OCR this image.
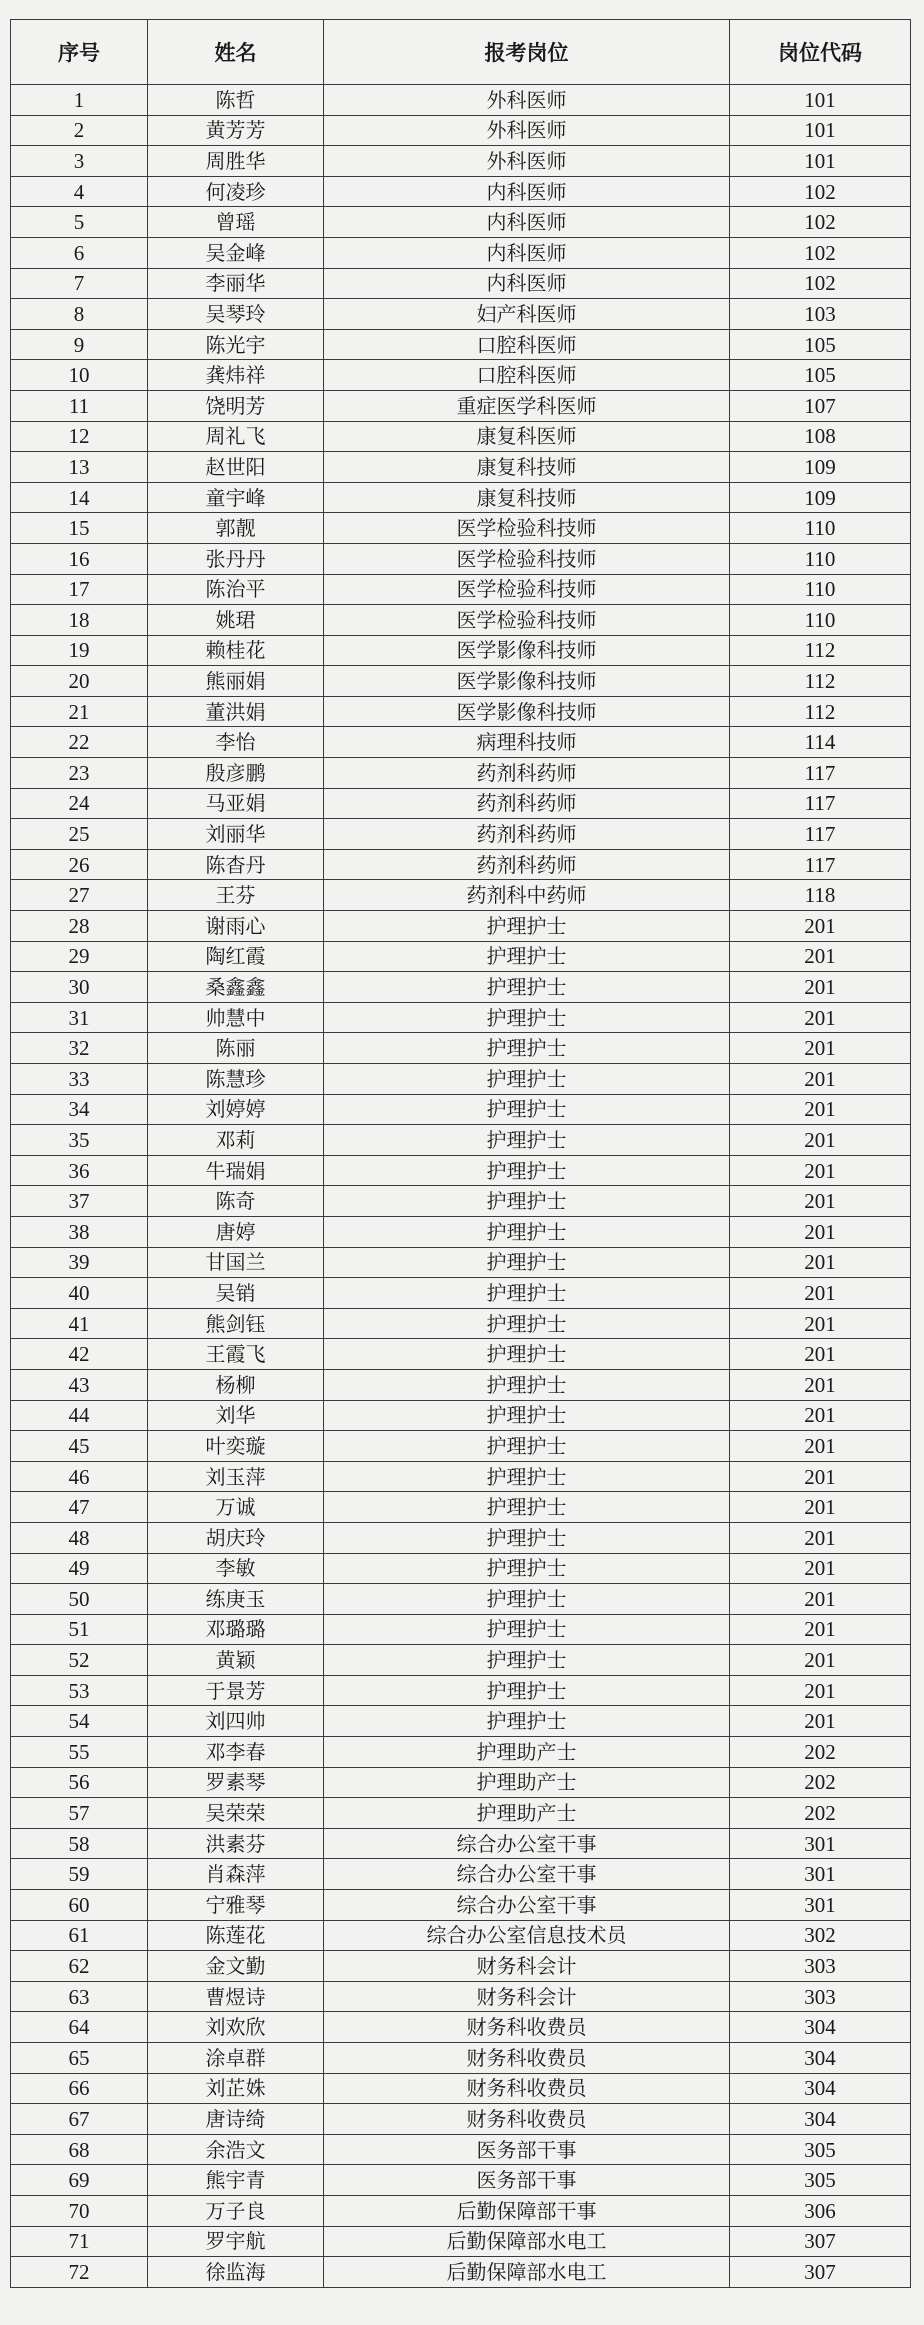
序号	姓名	报考岗位	岗位代码
1	陈哲	外科医师	101
2	黄芳芳	外科医师	101
3	周胜华	外科医师	101
4	何凌珍	内科医师	102
5	曾瑶	内科医师	102
6	吴金峰	内科医师	102
7	李丽华	内科医师	102
8	吴琴玲	妇产科医师	103
9	陈光宇	口腔科医师	105
10	龚炜祥	口腔科医师	105
11	饶明芳	重症医学科医师	107
12	周礼飞	康复科医师	108
13	赵世阳	康复科技师	109
14	童宇峰	康复科技师	109
15	郭靓	医学检验科技师	110
16	张丹丹	医学检验科技师	110
17	陈治平	医学检验科技师	110
18	姚珺	医学检验科技师	110
19	赖桂花	医学影像科技师	112
20	熊丽娟	医学影像科技师	112
21	董洪娟	医学影像科技师	112
22	李怡	病理科技师	114
23	殷彦鹏	药剂科药师	117
24	马亚娟	药剂科药师	117
25	刘丽华	药剂科药师	117
26	陈杳丹	药剂科药师	117
27	王芬	药剂科中药师	118
28	谢雨心	护理护士	201
29	陶红霞	护理护士	201
30	桑鑫鑫	护理护士	201
31	帅慧中	护理护士	201
32	陈丽	护理护士	201
33	陈慧珍	护理护士	201
34	刘婷婷	护理护士	201
35	邓莉	护理护士	201
36	牛瑞娟	护理护士	201
37	陈奇	护理护士	201
38	唐婷	护理护士	201
39	甘国兰	护理护士	201
40	吴销	护理护士	201
41	熊剑钰	护理护士	201
42	王霞飞	护理护士	201
43	杨柳	护理护士	201
44	刘华	护理护士	201
45	叶奕璇	护理护士	201
46	刘玉萍	护理护士	201
47	万诚	护理护士	201
48	胡庆玲	护理护士	201
49	李敏	护理护士	201
50	练庚玉	护理护士	201
51	邓璐璐	护理护士	201
52	黄颖	护理护士	201
53	于景芳	护理护士	201
54	刘四帅	护理护士	201
55	邓李春	护理助产士	202
56	罗素琴	护理助产士	202
57	吴荣荣	护理助产士	202
58	洪素芬	综合办公室干事	301
59	肖森萍	综合办公室干事	301
60	宁雅琴	综合办公室干事	301
61	陈莲花	综合办公室信息技术员	302
62	金文勤	财务科会计	303
63	曹煜诗	财务科会计	303
64	刘欢欣	财务科收费员	304
65	涂卓群	财务科收费员	304
66	刘芷姝	财务科收费员	304
67	唐诗绮	财务科收费员	304
68	余浩文	医务部干事	305
69	熊宇青	医务部干事	305
70	万子良	后勤保障部干事	306
71	罗宇航	后勤保障部水电工	307
72	徐监海	后勤保障部水电工	307
